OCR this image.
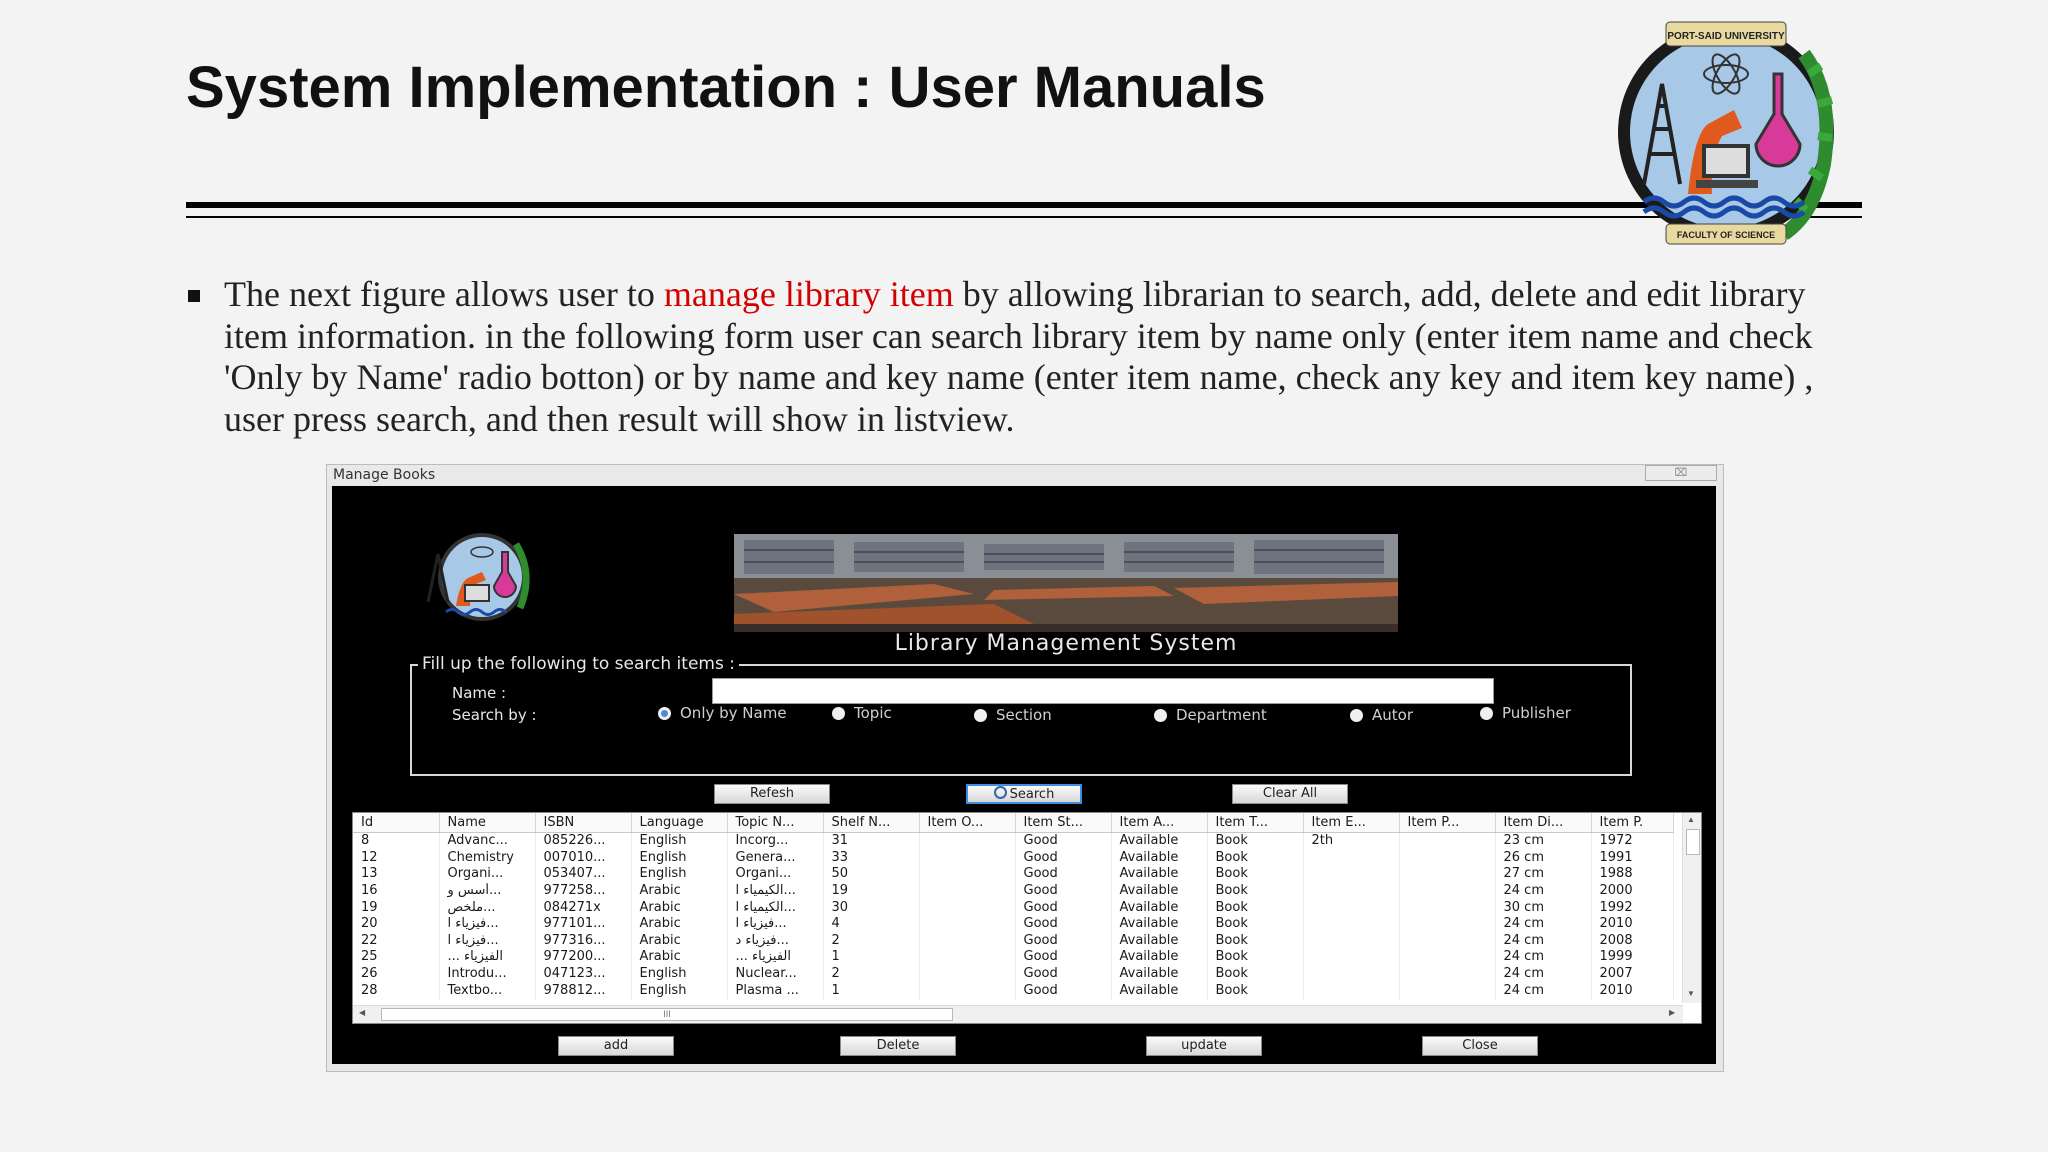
System Implementation : User Manuals
PORT-SAID UNIVERSITY
FACULTY OF SCIENCE

The next figure allows user to manage library item by allowing librarian to search, add, delete and edit library item information. in the following form user can search library item by name only (enter item name and check 'Only by Name' radio botton) or by name and key name (enter item name, check any key and item key name) , user press search, and then result will show in listview.

Manage Books	⌧
Library Management System
Fill up the following to search items :
Name :
Search by :	Only by Name	Topic	Section	Department	Autor	Publisher
Refesh	Search	Clear All
Id	Name	ISBN	Language	Topic N...	Shelf N...	Item O...	Item St...	Item A...	Item T...	Item E...	Item P...	Item Di...	Item P.
8	Advanc...	085226...	English	Incorg...	31		Good	Available	Book	2th		23 cm	1972
12	Chemistry	007010...	English	Genera...	33		Good	Available	Book			26 cm	1991
13	Organi...	053407...	English	Organi...	50		Good	Available	Book			27 cm	1988
16	أسس و...	977258...	Arabic	الكيمياء ا...	19		Good	Available	Book			24 cm	2000
19	ملخص...	084271x	Arabic	الكيمياء ا...	30		Good	Available	Book			30 cm	1992
20	فيزياء ا...	977101...	Arabic	فيزياء ا...	4		Good	Available	Book			24 cm	2010
22	فيزياء ا...	977316...	Arabic	فيزياء د...	2		Good	Available	Book			24 cm	2008
25	... الفيزياء	977200...	Arabic	... الفيزياء	1		Good	Available	Book			24 cm	1999
26	Introdu...	047123...	English	Nuclear...	2		Good	Available	Book			24 cm	2007
28	Textbo...	978812...	English	Plasma ...	1		Good	Available	Book			24 cm	2010
▲
▼
◀	III	▶
add	Delete	update	Close
